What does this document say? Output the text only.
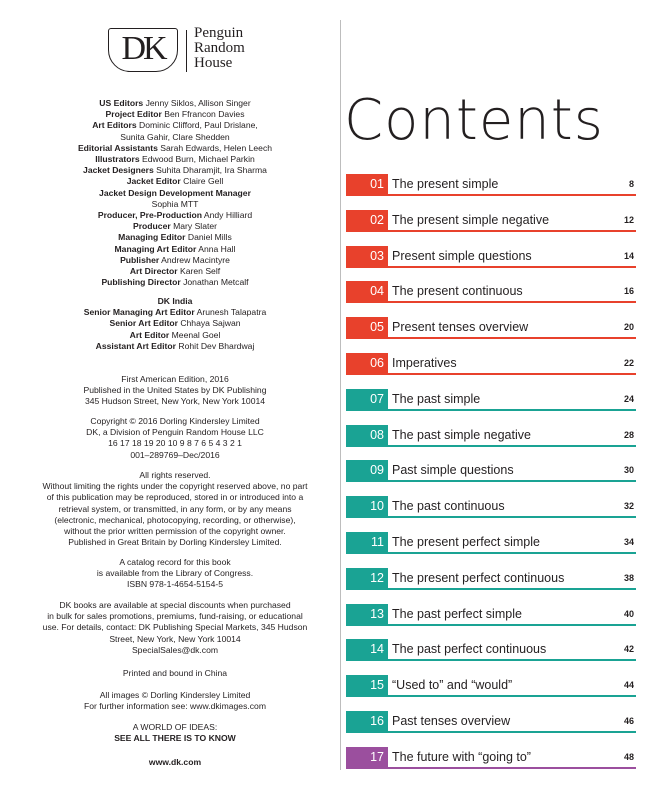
DK	Penguin
Random
House
US Editors Jenny Siklos, Allison Singer
Project Editor Ben Ffrancon Davies
Art Editors Dominic Clifford, Paul Drislane,
Sunita Gahir, Clare Shedden
Editorial Assistants Sarah Edwards, Helen Leech
Illustrators Edwood Burn, Michael Parkin
Jacket Designers Suhita Dharamjit, Ira Sharma
Jacket Editor Claire Gell
Jacket Design Development Manager
Sophia MTT
Producer, Pre-Production Andy Hilliard
Producer Mary Slater
Managing Editor Daniel Mills
Managing Art Editor Anna Hall
Publisher Andrew Macintyre
Art Director Karen Self
Publishing Director Jonathan Metcalf
DK India
Senior Managing Art Editor Arunesh Talapatra
Senior Art Editor Chhaya Sajwan
Art Editor Meenal Goel
Assistant Art Editor Rohit Dev Bhardwaj
First American Edition, 2016
Published in the United States by DK Publishing
345 Hudson Street, New York, New York 10014
Copyright © 2016 Dorling Kindersley Limited
DK, a Division of Penguin Random House LLC
16 17 18 19 20 10 9 8 7 6 5 4 3 2 1
001–289769–Dec/2016
All rights reserved.
Without limiting the rights under the copyright reserved above, no part
of this publication may be reproduced, stored in or introduced into a
retrieval system, or transmitted, in any form, or by any means
(electronic, mechanical, photocopying, recording, or otherwise),
without the prior written permission of the copyright owner.
Published in Great Britain by Dorling Kindersley Limited.
A catalog record for this book
is available from the Library of Congress.
ISBN 978-1-4654-5154-5
DK books are available at special discounts when purchased
in bulk for sales promotions, premiums, fund-raising, or educational
use. For details, contact: DK Publishing Special Markets, 345 Hudson
Street, New York, New York 10014
SpecialSales@dk.com
Printed and bound in China
All images © Dorling Kindersley Limited
For further information see: www.dkimages.com
A WORLD OF IDEAS:
SEE ALL THERE IS TO KNOW
www.dk.com
Contents
01 The present simple	8
02 The present simple negative	12
03 Present simple questions	14
04 The present continuous	16
05 Present tenses overview	20
06 Imperatives	22
07 The past simple	24
08 The past simple negative	28
09 Past simple questions	30
10 The past continuous	32
11 The present perfect simple	34
12 The present perfect continuous	38
13 The past perfect simple	40
14 The past perfect continuous	42
15 “Used to” and “would”	44
16 Past tenses overview	46
17 The future with “going to”	48
